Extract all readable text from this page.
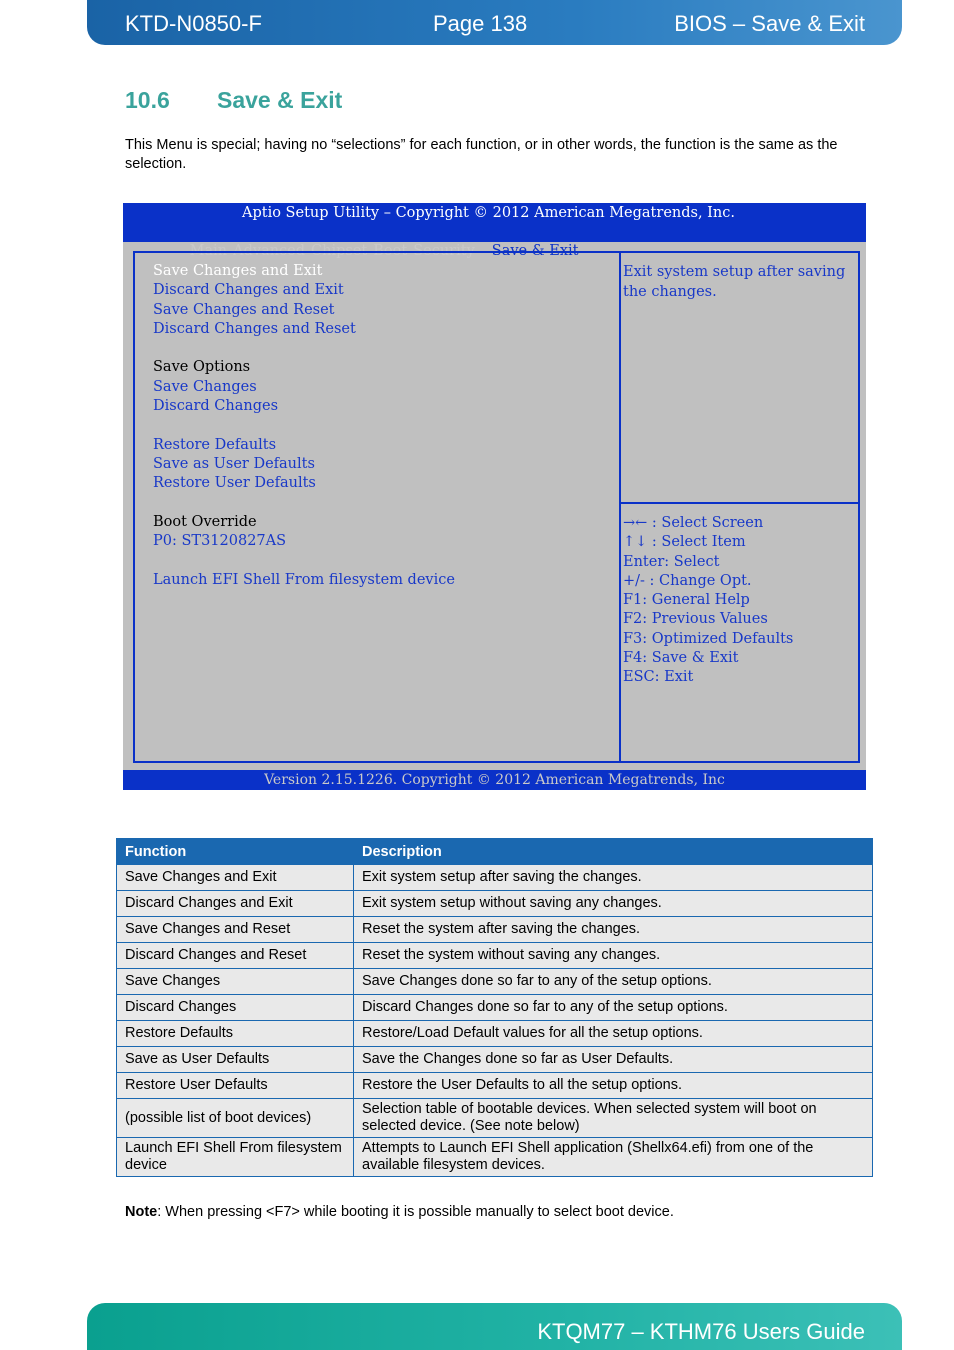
KTD-N0850-F	Page 138	BIOS – Save & Exit
10.6 Save & Exit
This Menu is special; having no “selections” for each function, or in other words, the function is the same as the selection.
Aptio Setup Utility – Copyright © 2012 American Megatrends, Inc.

Main Advanced Chipset Boot Security Save & Exit

Save Changes and Exit
Discard Changes and Exit
Save Changes and Reset
Discard Changes and Reset
Save Options
Save Changes
Discard Changes
Restore Defaults
Save as User Defaults
Restore User Defaults
Boot Override
P0: ST3120827AS
Launch EFI Shell From filesystem device
Exit system setup after saving the changes.
→← : Select Screen
↑↓ : Select Item
Enter: Select
+/- : Change Opt.
F1: General Help
F2: Previous Values
F3: Optimized Defaults
F4: Save & Exit
ESC: Exit
Version 2.15.1226. Copyright © 2012 American Megatrends, Inc
Function	Description
Save Changes and Exit	Exit system setup after saving the changes.
Discard Changes and Exit	Exit system setup without saving any changes.
Save Changes and Reset	Reset the system after saving the changes.
Discard Changes and Reset	Reset the system without saving any changes.
Save Changes	Save Changes done so far to any of the setup options.
Discard Changes	Discard Changes done so far to any of the setup options.
Restore Defaults	Restore/Load Default values for all the setup options.
Save as User Defaults	Save the Changes done so far as User Defaults.
Restore User Defaults	Restore the User Defaults to all the setup options.
(possible list of boot devices)	Selection table of bootable devices. When selected system will boot on selected device. (See note below)
Launch EFI Shell From filesystem device	Attempts to Launch EFI Shell application (Shellx64.efi) from one of the available filesystem devices.
Note: When pressing <F7> while booting it is possible manually to select boot device.
KTQM77 – KTHM76 Users Guide
